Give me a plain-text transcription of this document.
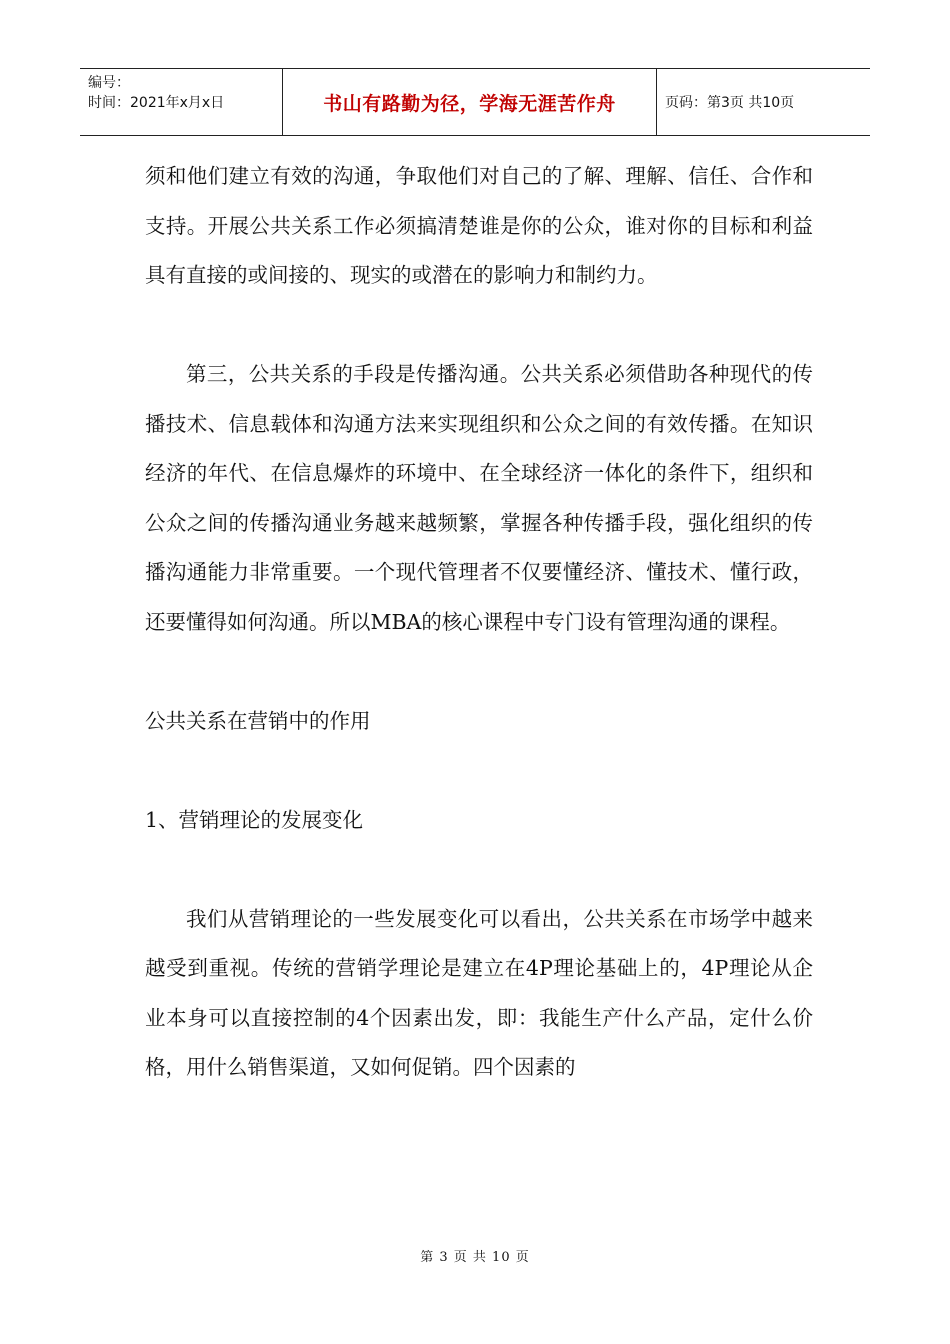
编号：
时间：2021年x月x日	书山有路勤为径，学海无涯苦作舟	页码：第3页 共10页

须和他们建立有效的沟通，争取他们对自己的了解、理解、信任、合作和支持。开展公共关系工作必须搞清楚谁是你的公众，谁对你的目标和利益具有直接的或间接的、现实的或潜在的影响力和制约力。

第三，公共关系的手段是传播沟通。公共关系必须借助各种现代的传播技术、信息载体和沟通方法来实现组织和公众之间的有效传播。在知识经济的年代、在信息爆炸的环境中、在全球经济一体化的条件下，组织和公众之间的传播沟通业务越来越频繁，掌握各种传播手段，强化组织的传播沟通能力非常重要。一个现代管理者不仅要懂经济、懂技术、懂行政，还要懂得如何沟通。所以MBA的核心课程中专门设有管理沟通的课程。

公共关系在营销中的作用

1、营销理论的发展变化

我们从营销理论的一些发展变化可以看出，公共关系在市场学中越来越受到重视。传统的营销学理论是建立在4P理论基础上的，4P理论从企业本身可以直接控制的4个因素出发，即：我能生产什么产品，定什么价格，用什么销售渠道，又如何促销。四个因素的

第 3 页 共 10 页
